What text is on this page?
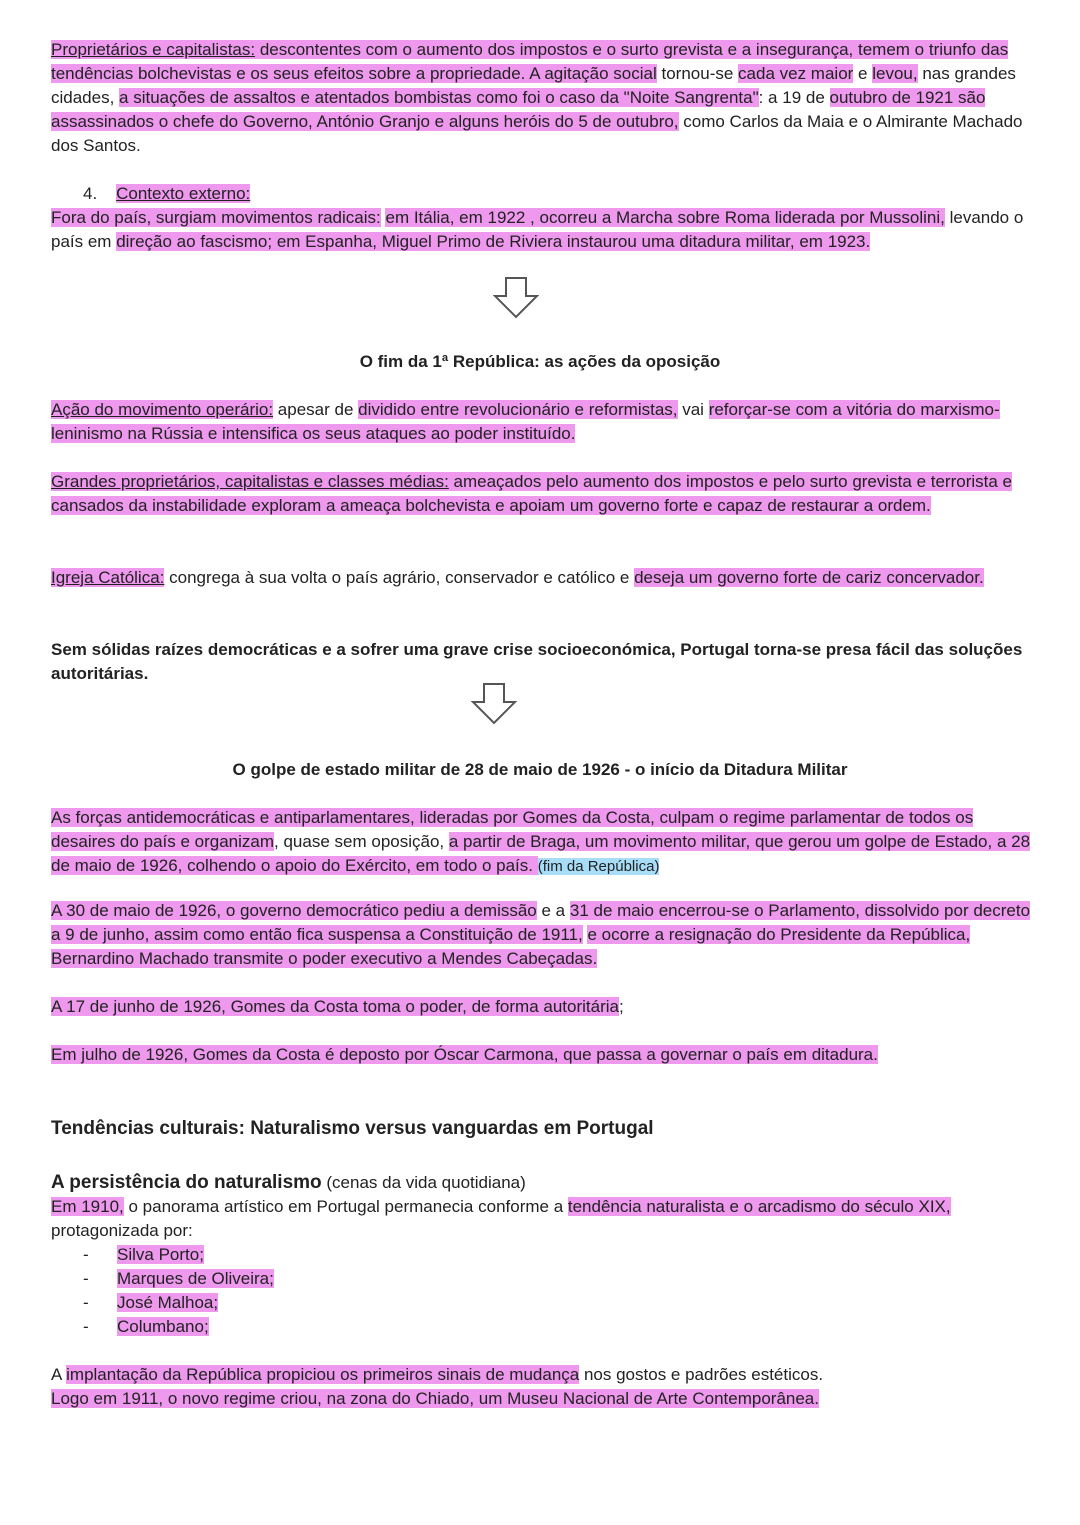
Proprietários e capitalistas: descontentes com o aumento dos impostos e o surto grevista e a insegurança, temem o triunfo das tendências bolchevistas e os seus efeitos sobre a propriedade. A agitação social tornou-se cada vez maior e levou, nas grandes cidades, a situações de assaltos e atentados bombistas como foi o caso da "Noite Sangrenta": a 19 de outubro de 1921 são assassinados o chefe do Governo, António Granjo e alguns heróis do 5 de outubro, como Carlos da Maia e o Almirante Machado dos Santos.

4. Contexto externo:

Fora do país, surgiam movimentos radicais: em Itália, em 1922 , ocorreu a Marcha sobre Roma liderada por Mussolini, levando o país em direção ao fascismo; em Espanha, Miguel Primo de Riviera instaurou uma ditadura militar, em 1923.

O fim da 1ª República: as ações da oposição

Ação do movimento operário: apesar de dividido entre revolucionário e reformistas, vai reforçar-se com a vitória do marxismo-leninismo na Rússia e intensifica os seus ataques ao poder instituído.

Grandes proprietários, capitalistas e classes médias: ameaçados pelo aumento dos impostos e pelo surto grevista e terrorista e cansados da instabilidade exploram a ameaça bolchevista e apoiam um governo forte e capaz de restaurar a ordem.

Igreja Católica: congrega à sua volta o país agrário, conservador e católico e deseja um governo forte de cariz concervador.

Sem sólidas raízes democráticas e a sofrer uma grave crise socioeconómica, Portugal torna-se presa fácil das soluções autoritárias.

O golpe de estado militar de 28 de maio de 1926 - o início da Ditadura Militar

As forças antidemocráticas e antiparlamentares, lideradas por Gomes da Costa, culpam o regime parlamentar de todos os desaires do país e organizam, quase sem oposição, a partir de Braga, um movimento militar, que gerou um golpe de Estado, a 28 de maio de 1926, colhendo o apoio do Exército, em todo o país. (fim da República)

A 30 de maio de 1926, o governo democrático pediu a demissão e a 31 de maio encerrou-se o Parlamento, dissolvido por decreto a 9 de junho, assim como então fica suspensa a Constituição de 1911, e ocorre a resignação do Presidente da República, Bernardino Machado transmite o poder executivo a Mendes Cabeçadas.

A 17 de junho de 1926, Gomes da Costa toma o poder, de forma autoritária;

Em julho de 1926, Gomes da Costa é deposto por Óscar Carmona, que passa a governar o país em ditadura.

Tendências culturais: Naturalismo versus vanguardas em Portugal

A persistência do naturalismo (cenas da vida quotidiana)
Em 1910, o panorama artístico em Portugal permanecia conforme a tendência naturalista e o arcadismo do século XIX, protagonizada por:
- Silva Porto;
- Marques de Oliveira;
- José Malhoa;
- Columbano;
A implantação da República propiciou os primeiros sinais de mudança nos gostos e padrões estéticos.
Logo em 1911, o novo regime criou, na zona do Chiado, um Museu Nacional de Arte Contemporânea.
